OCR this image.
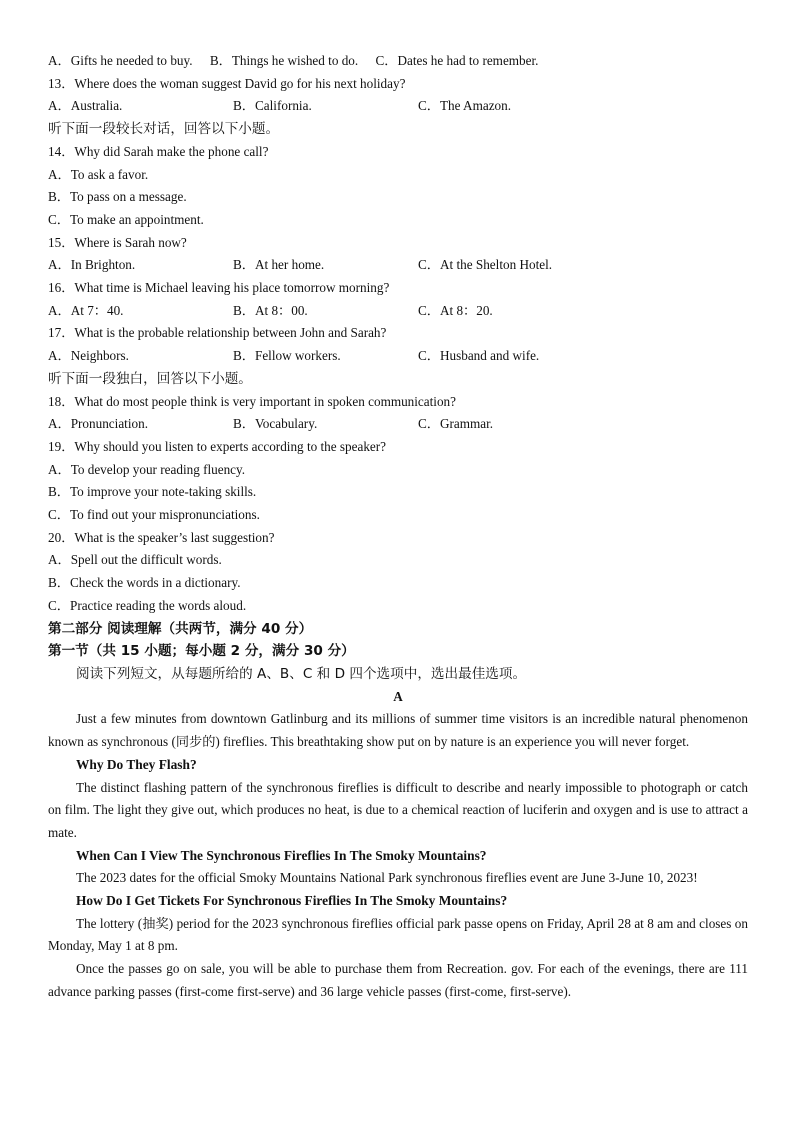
A．Gifts he needed to buy. B．Things he wished to do. C．Dates he had to remember.
13．Where does the woman suggest David go for his next holiday?
A．Australia.	B．California.	C．The Amazon.
听下面一段较长对话，回答以下小题。
14．Why did Sarah make the phone call?
A．To ask a favor.
B．To pass on a message.
C．To make an appointment.
15．Where is Sarah now?
A．In Brighton.	B．At her home.	C．At the Shelton Hotel.
16．What time is Michael leaving his place tomorrow morning?
A．At 7：40.	B．At 8：00.	C．At 8：20.
17．What is the probable relationship between John and Sarah?
A．Neighbors.	B．Fellow workers.	C．Husband and wife.
听下面一段独白，回答以下小题。
18．What do most people think is very important in spoken communication?
A．Pronunciation.	B．Vocabulary.	C．Grammar.
19．Why should you listen to experts according to the speaker?
A．To develop your reading fluency.
B．To improve your note-taking skills.
C．To find out your mispronunciations.
20．What is the speaker’s last suggestion?
A．Spell out the difficult words.
B．Check the words in a dictionary.
C．Practice reading the words aloud.
第二部分 阅读理解（共两节，满分 40 分）
第一节（共 15 小题；每小题 2 分，满分 30 分）
阅读下列短文，从每题所给的 A、B、C 和 D 四个选项中，选出最佳选项。
A
Just a few minutes from downtown Gatlinburg and its millions of summer time visitors is an incredible natural phenomenon known as synchronous (同步的) fireflies. This breathtaking show put on by nature is an experience you will never forget.
Why Do They Flash?
The distinct flashing pattern of the synchronous fireflies is difficult to describe and nearly impossible to photograph or catch on film. The light they give out, which produces no heat, is due to a chemical reaction of luciferin and oxygen and is use to attract a mate.
When Can I View The Synchronous Fireflies In The Smoky Mountains?
The 2023 dates for the official Smoky Mountains National Park synchronous fireflies event are June 3-June 10, 2023!
How Do I Get Tickets For Synchronous Fireflies In The Smoky Mountains?
The lottery (抽奖) period for the 2023 synchronous fireflies official park passe opens on Friday, April 28 at 8 am and closes on Monday, May 1 at 8 pm.
Once the passes go on sale, you will be able to purchase them from Recreation. gov. For each of the evenings, there are 111 advance parking passes (first-come first-serve) and 36 large vehicle passes (first-come, first-serve).
